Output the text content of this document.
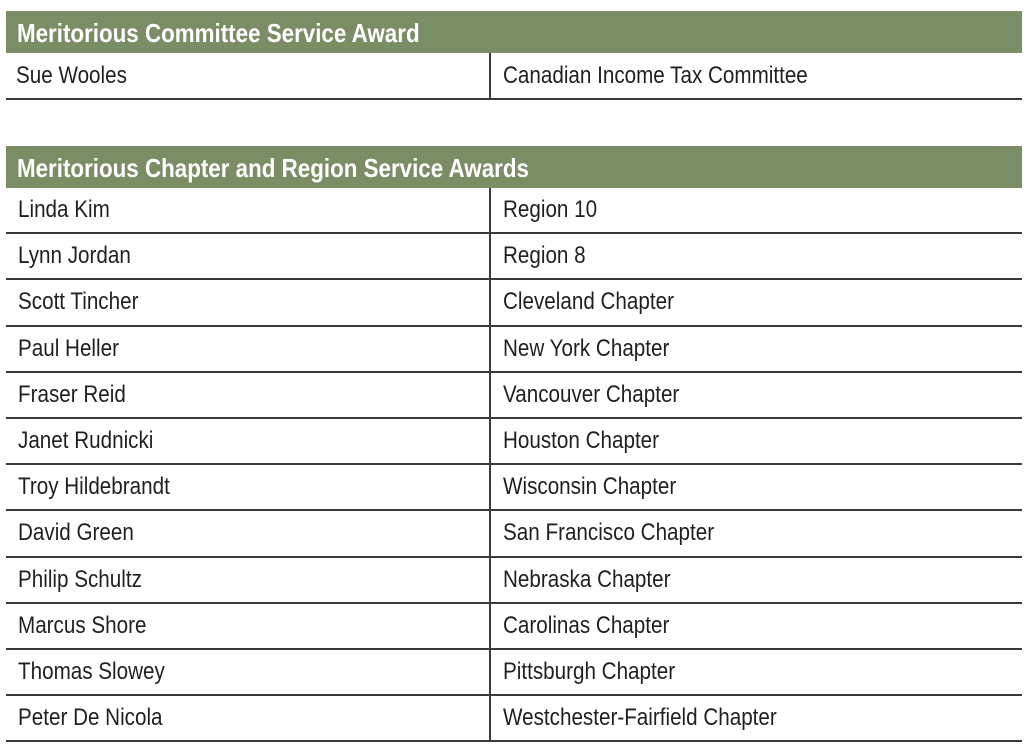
Meritorious Committee Service Award
Sue Wooles	Canadian Income Tax Committee
Meritorious Chapter and Region Service Awards
Linda Kim	Region 10
Lynn Jordan	Region 8
Scott Tincher	Cleveland Chapter
Paul Heller	New York Chapter
Fraser Reid	Vancouver Chapter
Janet Rudnicki	Houston Chapter
Troy Hildebrandt	Wisconsin Chapter
David Green	San Francisco Chapter
Philip Schultz	Nebraska Chapter
Marcus Shore	Carolinas Chapter
Thomas Slowey	Pittsburgh Chapter
Peter De Nicola	Westchester-Fairfield Chapter
